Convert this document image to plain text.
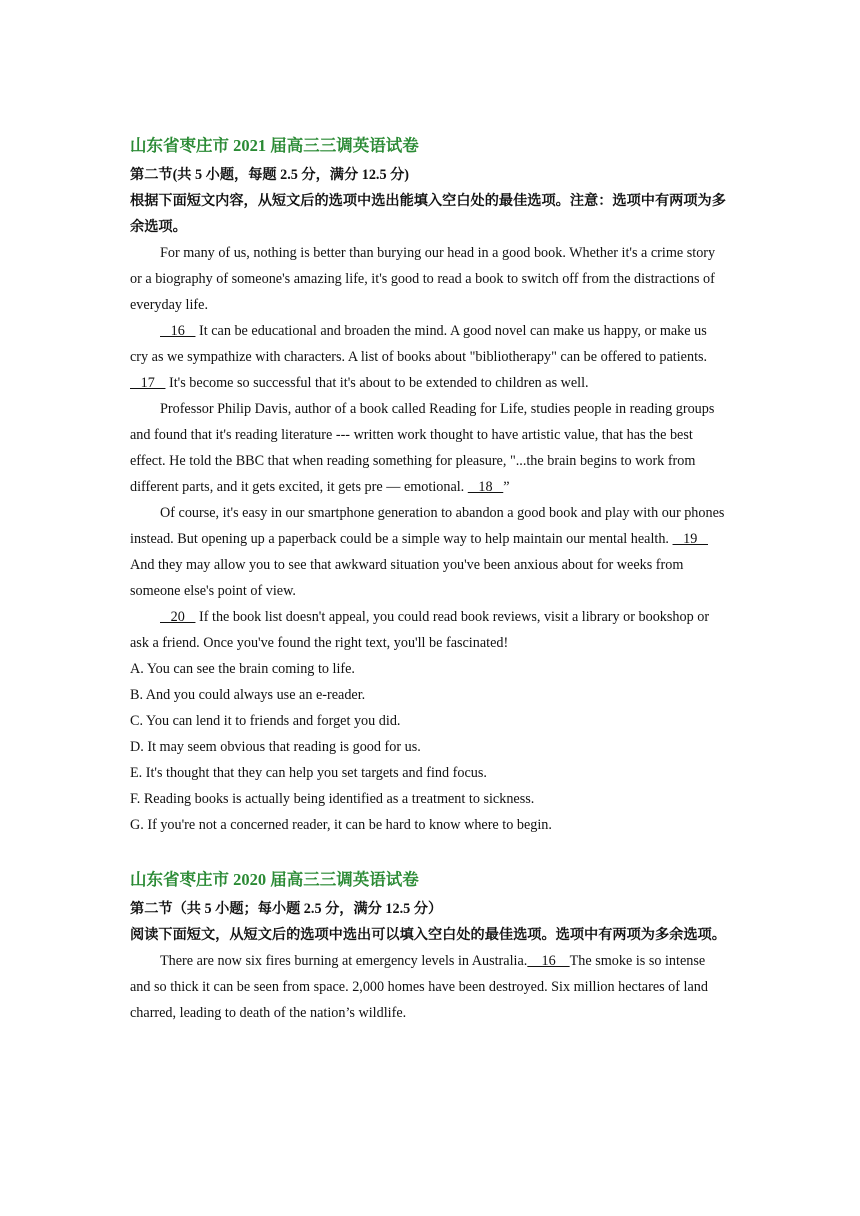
山东省枣庄市 2021 届高三三调英语试卷

第二节(共 5 小题，每题 2.5 分，满分 12.5 分)

根据下面短文内容，从短文后的选项中选出能填入空白处的最佳选项。注意：选项中有两项为多余选项。

For many of us, nothing is better than burying our head in a good book. Whether it's a crime story or a biography of someone's amazing life, it's good to read a book to switch off from the distractions of everyday life.

16    It can be educational and broaden the mind. A good novel can make us happy, or make us cry as we sympathize with characters. A list of books about "bibliotherapy" can be offered to patients.    17    It's become so successful that it's about to be extended to children as well.

Professor Philip Davis, author of a book called Reading for Life, studies people in reading groups and found that it's reading literature --- written work thought to have artistic value, that has the best effect. He told the BBC that when reading something for pleasure, "...the brain begins to work from different parts, and it gets excited, it gets pre — emotional.    18   ”

Of course, it's easy in our smartphone generation to abandon a good book and play with our phones instead. But opening up a paperback could be a simple way to help maintain our mental health.    19    And they may allow you to see that awkward situation you've been anxious about for weeks from someone else's point of view.

20    If the book list doesn't appeal, you could read book reviews, visit a library or bookshop or ask a friend. Once you've found the right text, you'll be fascinated!

A. You can see the brain coming to life.

B. And you could always use an e-reader.

C. You can lend it to friends and forget you did.

D. It may seem obvious that reading is good for us.

E. It's thought that they can help you set targets and find focus.

F. Reading books is actually being identified as a treatment to sickness.

G. If you're not a concerned reader, it can be hard to know where to begin.

山东省枣庄市 2020 届高三三调英语试卷

第二节（共 5 小题；每小题 2.5 分，满分 12.5 分）

阅读下面短文，从短文后的选项中选出可以填入空白处的最佳选项。选项中有两项为多余选项。

There are now six fires burning at emergency levels in Australia.    16    The smoke is so intense and so thick it can be seen from space. 2,000 homes have been destroyed. Six million hectares of land charred, leading to death of the nation’s wildlife.
